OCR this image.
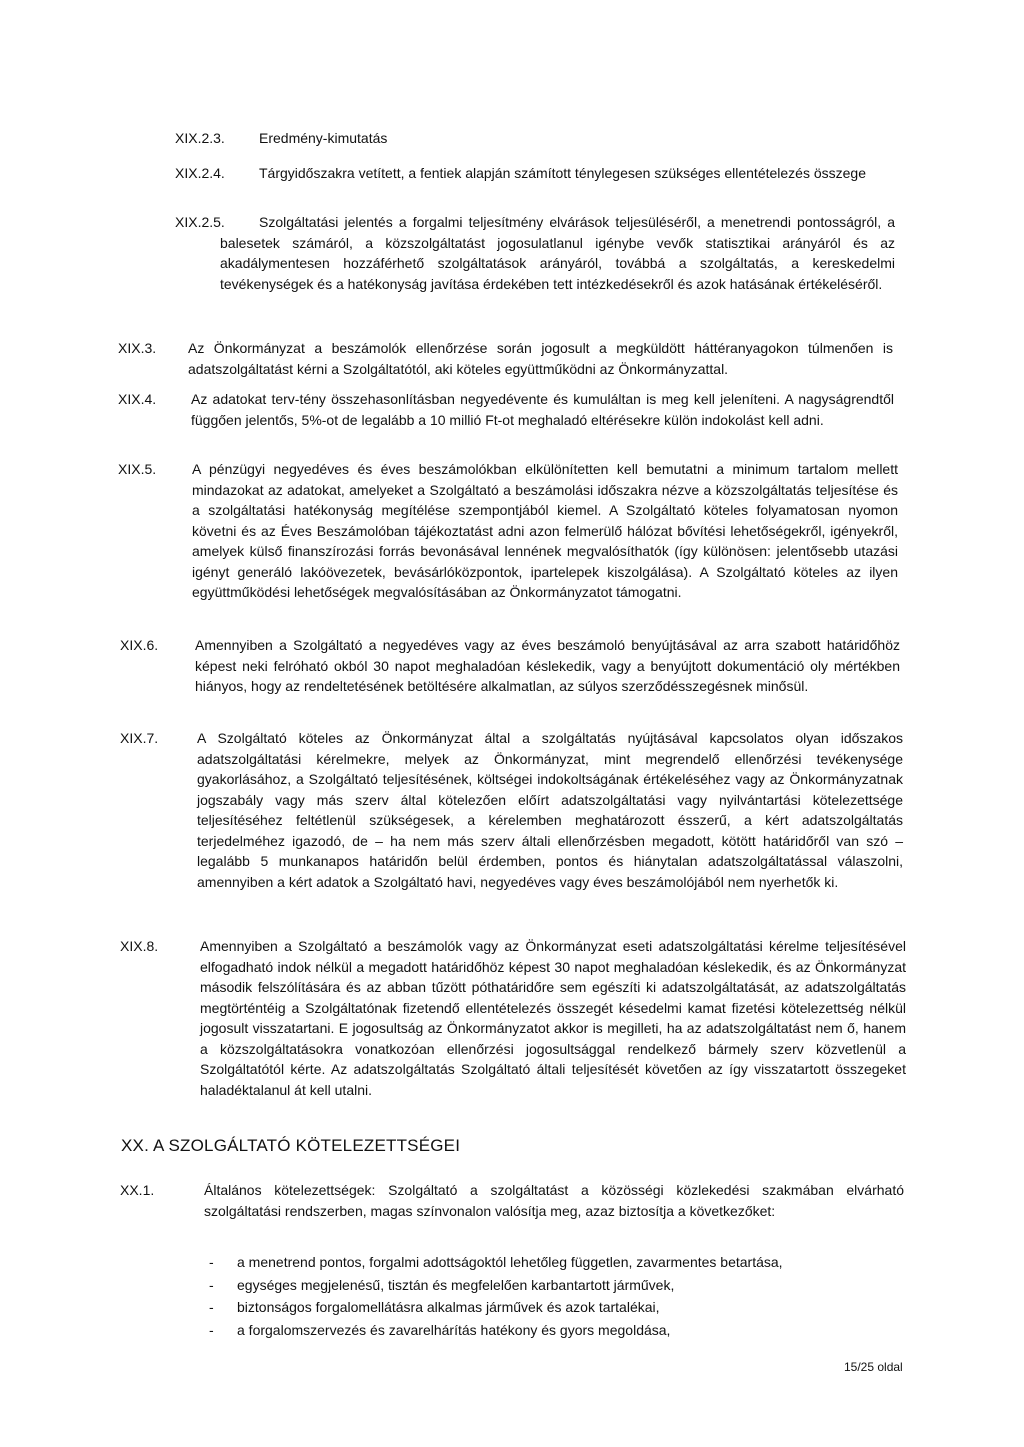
XIX.2.3. Eredmény-kimutatás
XIX.2.4.	Tárgyidőszakra vetített, a fentiek alapján számított ténylegesen szükséges ellentételezés összege
XIX.2.5.	Szolgáltatási jelentés a forgalmi teljesítmény elvárások teljesüléséről, a menetrendi pontosságról, a balesetek számáról, a közszolgáltatást jogosulatlanul igénybe vevők statisztikai arányáról és az akadálymentesen hozzáférhető szolgáltatások arányáról, továbbá a szolgáltatás, a kereskedelmi tevékenységek és a hatékonyság javítása érdekében tett intézkedésekről és azok hatásának értékeléséről.
XIX.3. Az Önkormányzat a beszámolók ellenőrzése során jogosult a megküldött háttéranyagokon túlmenően is adatszolgáltatást kérni a Szolgáltatótól, aki köteles együttműködni az Önkormányzattal.
XIX.4. Az adatokat terv-tény összehasonlításban negyedévente és kumuláltan is meg kell jeleníteni. A nagyságrendtől függően jelentős, 5%-ot de legalább a 10 millió Ft-ot meghaladó eltérésekre külön indokolást kell adni.
XIX.5.	A pénzügyi negyedéves és éves beszámolókban elkülönítetten kell bemutatni a minimum tartalom mellett mindazokat az adatokat, amelyeket a Szolgáltató a beszámolási időszakra nézve a közszolgáltatás teljesítése és a szolgáltatási hatékonyság megítélése szempontjából kiemel. A Szolgáltató köteles folyamatosan nyomon követni és az Éves Beszámolóban tájékoztatást adni azon felmerülő hálózat bővítési lehetőségekről, igényekről, amelyek külső finanszírozási forrás bevonásával lennének megvalósíthatók (így különösen: jelentősebb utazási igényt generáló lakóövezetek, bevásárlóközpontok, ipartelepek kiszolgálása). A Szolgáltató köteles az ilyen együttműködési lehetőségek megvalósításában az Önkormányzatot támogatni.
XIX.6.	Amennyiben a Szolgáltató a negyedéves vagy az éves beszámoló benyújtásával az arra szabott határidőhöz képest neki felróható okból 30 napot meghaladóan késlekedik, vagy a benyújtott dokumentáció oly mértékben hiányos, hogy az rendeltetésének betöltésére alkalmatlan, az súlyos szerződésszegésnek minősül.
XIX.7.	A Szolgáltató köteles az Önkormányzat által a szolgáltatás nyújtásával kapcsolatos olyan időszakos adatszolgáltatási kérelmekre, melyek az Önkormányzat, mint megrendelő ellenőrzési tevékenysége gyakorlásához, a Szolgáltató teljesítésének, költségei indokoltságának értékeléséhez vagy az Önkormányzatnak jogszabály vagy más szerv által kötelezően előírt adatszolgáltatási vagy nyilvántartási kötelezettsége teljesítéséhez feltétlenül szükségesek, a kérelemben meghatározott ésszerű, a kért adatszolgáltatás terjedelméhez igazodó, de – ha nem más szerv általi ellenőrzésben megadott, kötött határidőről van szó – legalább 5 munkanapos határidőn belül érdemben, pontos és hiánytalan adatszolgáltatással válaszolni, amennyiben a kért adatok a Szolgáltató havi, negyedéves vagy éves beszámolójából nem nyerhetők ki.
XIX.8.	Amennyiben a Szolgáltató a beszámolók vagy az Önkormányzat eseti adatszolgáltatási kérelme teljesítésével elfogadható indok nélkül a megadott határidőhöz képest 30 napot meghaladóan késlekedik, és az Önkormányzat második felszólítására és az abban tűzött póthatáridőre sem egészíti ki adatszolgáltatását, az adatszolgáltatás megtörténtéig a Szolgáltatónak fizetendő ellentételezés összegét késedelmi kamat fizetési kötelezettség nélkül jogosult visszatartani. E jogosultság az Önkormányzatot akkor is megilleti, ha az adatszolgáltatást nem ő, hanem a közszolgáltatásokra vonatkozóan ellenőrzési jogosultsággal rendelkező bármely szerv közvetlenül a Szolgáltatótól kérte. Az adatszolgáltatás Szolgáltató általi teljesítését követően az így visszatartott összegeket haladéktalanul át kell utalni.
XX. A SZOLGÁLTATÓ KÖTELEZETTSÉGEI
XX.1.	Általános kötelezettségek: Szolgáltató a szolgáltatást a közösségi közlekedési szakmában elvárható szolgáltatási rendszerben, magas színvonalon valósítja meg, azaz biztosítja a következőket:
- a menetrend pontos, forgalmi adottságoktól lehetőleg független, zavarmentes betartása,
- egységes megjelenésű, tisztán és megfelelően karbantartott járművek,
- biztonságos forgalomellátásra alkalmas járművek és azok tartalékai,
- a forgalomszervezés és zavarelhárítás hatékony és gyors megoldása,
15/25 oldal
